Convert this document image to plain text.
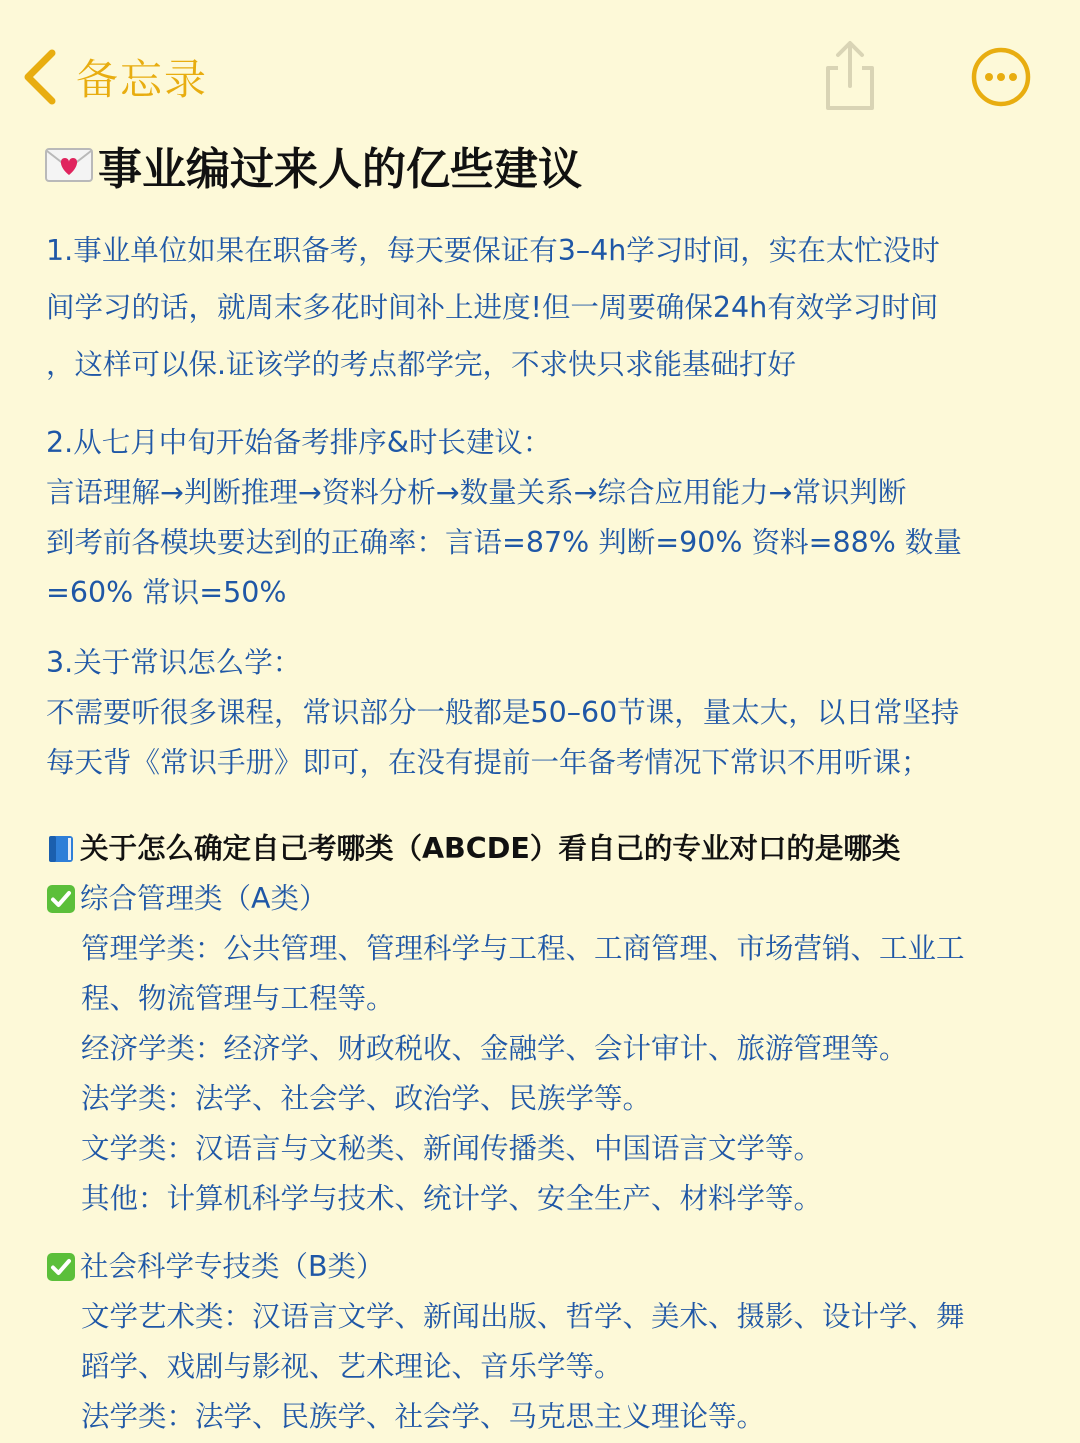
备忘录
事业编过来人的亿些建议
1.事业单位如果在职备考，每天要保证有3–4h学习时间，实在太忙没时
间学习的话，就周末多花时间补上进度!但一周要确保24h有效学习时间
，这样可以保.证该学的考点都学完，不求快只求能基础打好
2.从七月中旬开始备考排序&时长建议：
言语理解→判断推理→资料分析→数量关系→综合应用能力→常识判断
到考前各模块要达到的正确率：言语=87% 判断=90% 资料=88% 数量
=60% 常识=50%
3.关于常识怎么学：
不需要听很多课程，常识部分一般都是50–60节课，量太大，以日常坚持
每天背《常识手册》即可，在没有提前一年备考情况下常识不用听课；
关于怎么确定自己考哪类（ABCDE）看自己的专业对口的是哪类
综合管理类（A类）
管理学类：公共管理、管理科学与工程、工商管理、市场营销、工业工
程、物流管理与工程等。
经济学类：经济学、财政税收、金融学、会计审计、旅游管理等。
法学类：法学、社会学、政治学、民族学等。
文学类：汉语言与文秘类、新闻传播类、中国语言文学等。
其他：计算机科学与技术、统计学、安全生产、材料学等。
社会科学专技类（B类）
文学艺术类：汉语言文学、新闻出版、哲学、美术、摄影、设计学、舞
蹈学、戏剧与影视、艺术理论、音乐学等。
法学类：法学、民族学、社会学、马克思主义理论等。
